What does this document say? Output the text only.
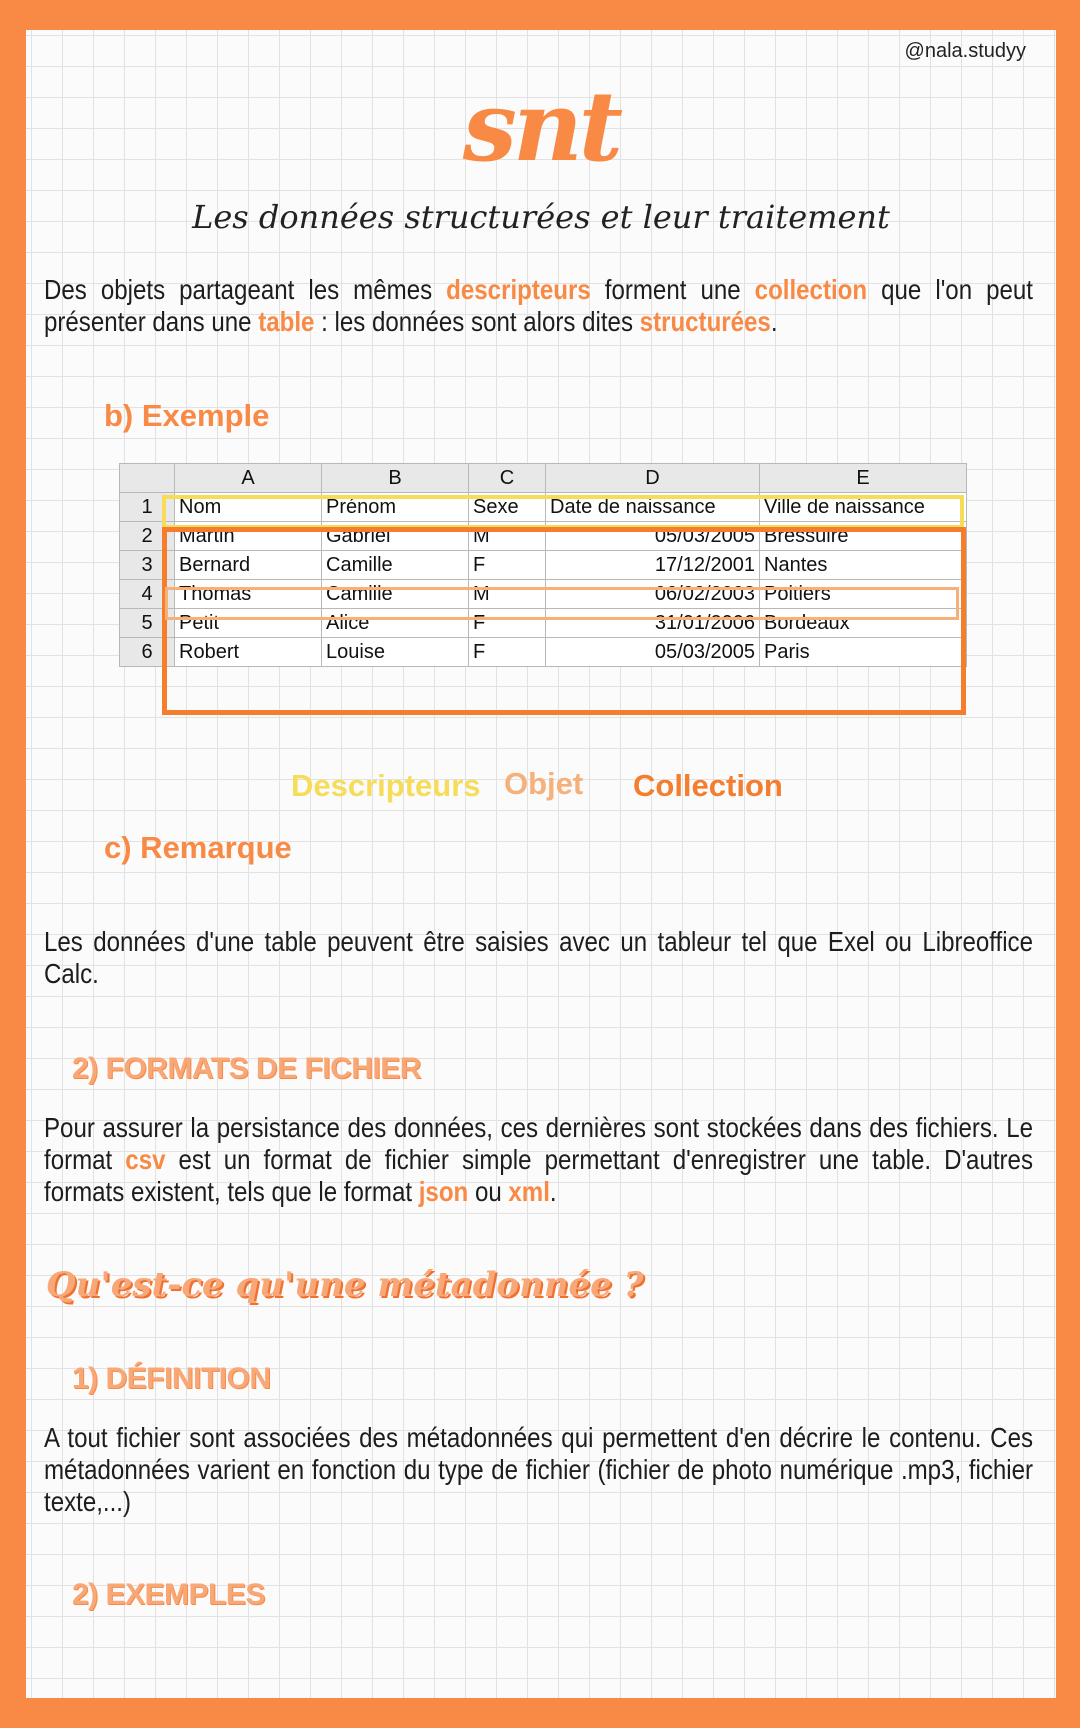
@nala.studyy
snt
Les données structurées et leur traitement
Des objets partageant les mêmes descripteurs forment une collection que l'on peut présenter dans une table : les données sont alors dites structurées.
b) Exemple
	A	B	C	D	E
1	Nom	Prénom	Sexe	Date de naissance	Ville de naissance
2	Martin	Gabriel	M	05/03/2005	Bressuire
3	Bernard	Camille	F	17/12/2001	Nantes
4	Thomas	Camille	M	06/02/2003	Poitiers
5	Petit	Alice	F	31/01/2006	Bordeaux
6	Robert	Louise	F	05/03/2005	Paris
Descripteurs Objet Collection
c) Remarque
Les données d'une table peuvent être saisies avec un tableur tel que Exel ou Libreoffice Calc.
2) FORMATS DE FICHIER
Pour assurer la persistance des données, ces dernières sont stockées dans des fichiers. Le format csv est un format de fichier simple permettant d'enregistrer une table. D'autres formats existent, tels que le format json ou xml.
Qu'est-ce qu'une métadonnée ?
1) DÉFINITION
A tout fichier sont associées des métadonnées qui permettent d'en décrire le contenu. Ces métadonnées varient en fonction du type de fichier (fichier de photo numérique .mp3, fichier texte,...)
2) EXEMPLES
